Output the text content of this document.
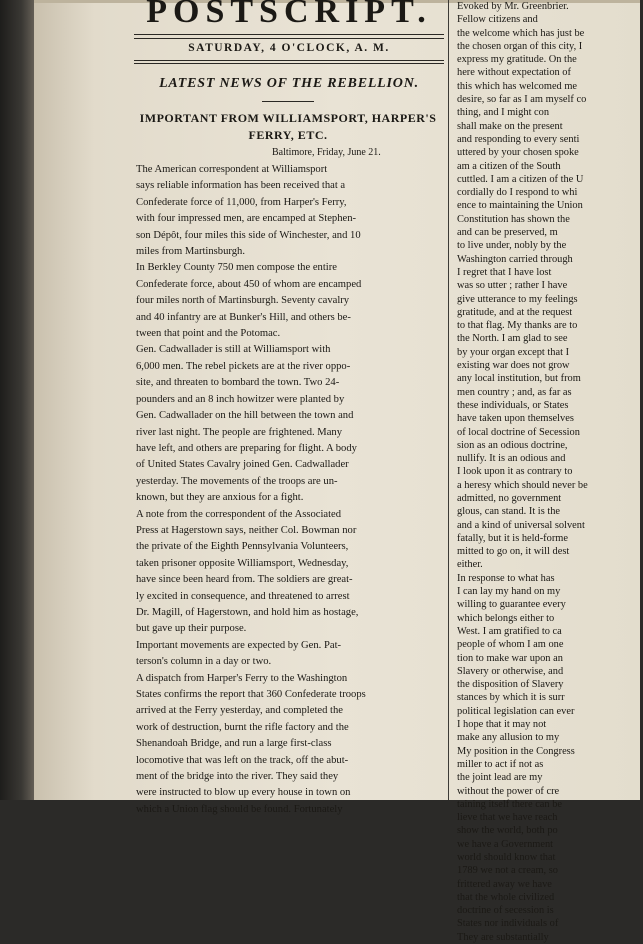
POSTSCRIPT.
SATURDAY, 4 O'CLOCK, A. M.
LATEST NEWS OF THE REBELLION.
IMPORTANT FROM WILLIAMSPORT, HARPER'S FERRY, ETC.
Baltimore, Friday, June 21.
The American correspondent at Williamsport
says reliable information has been received that a
Confederate force of 11,000, from Harper's Ferry,
with four impressed men, are encamped at Stephen-
son Dépôt, four miles this side of Winchester, and 10
miles from Martinsburgh.
In Berkley County 750 men compose the entire
Confederate force, about 450 of whom are encamped
four miles north of Martinsburgh. Seventy cavalry
and 40 infantry are at Bunker's Hill, and others be-
tween that point and the Potomac.
Gen. Cadwallader is still at Williamsport with
6,000 men. The rebel pickets are at the river oppo-
site, and threaten to bombard the town. Two 24-
pounders and an 8 inch howitzer were planted by
Gen. Cadwallader on the hill between the town and
river last night. The people are frightened. Many
have left, and others are preparing for flight. A body
of United States Cavalry joined Gen. Cadwallader
yesterday. The movements of the troops are un-
known, but they are anxious for a fight.
A note from the correspondent of the Associated
Press at Hagerstown says, neither Col. Bowman nor
the private of the Eighth Pennsylvania Volunteers,
taken prisoner opposite Williamsport, Wednesday,
have since been heard from. The soldiers are great-
ly excited in consequence, and threatened to arrest
Dr. Magill, of Hagerstown, and hold him as hostage,
but gave up their purpose.
Important movements are expected by Gen. Pat-
terson's column in a day or two.
A dispatch from Harper's Ferry to the Washington
States confirms the report that 360 Confederate troops
arrived at the Ferry yesterday, and completed the
work of destruction, burnt the rifle factory and the
Shenandoah Bridge, and run a large first-class
locomotive that was left on the track, off the abut-
ment of the bridge into the river. They said they
were instructed to blow up every house in town on
which a Union flag should be found. Fortunately
Evoked by Mr. Greenbrier.
Fellow citizens and
the welcome which has just be
the chosen organ of this city, I
express my gratitude. On the
here without expectation of
this which has welcomed me
desire, so far as I am myself co
thing, and I might con
shall make on the present
and responding to every senti
uttered by your chosen spoke
am a citizen of the South
cuttled. I am a citizen of the U
cordially do I respond to whi
ence to maintaining the Union
Constitution has shown the
and can be preserved, m
to live under, nobly by the
Washington carried through
I regret that I have lost
was so utter ; rather I have
give utterance to my feelings
gratitude, and at the request
to that flag. My thanks are to
the North. I am glad to see
by your organ except that I
existing war does not grow
any local institution, but from
men country ; and, as far as
these individuals, or States
have taken upon themselves
of local doctrine of Secession
sion as an odious doctrine,
nullify. It is an odious and
I look upon it as contrary to
a heresy which should never be
admitted, no government
glous, can stand. It is the
and a kind of universal solvent
fatally, but it is held-forme
mitted to go on, it will dest
either.
In response to what has
I can lay my hand on my
willing to guarantee every
which belongs either to
West. I am gratified to ca
people of whom I am one
tion to make war upon an
Slavery or otherwise, and
the disposition of Slavery
stances by which it is surr
political legislation can ever
I hope that it may not
make any allusion to my
My position in the Congress
miller to act if not as
the joint lead are my
without the power of cre
taining itself there can be
lieve that we have reach
show the world, both po
we have a Government
world should know that
1789 we not a cream, so
frittered away we have
that the whole civilized
doctrine of secession is
States nor individuals of
They are substantially
